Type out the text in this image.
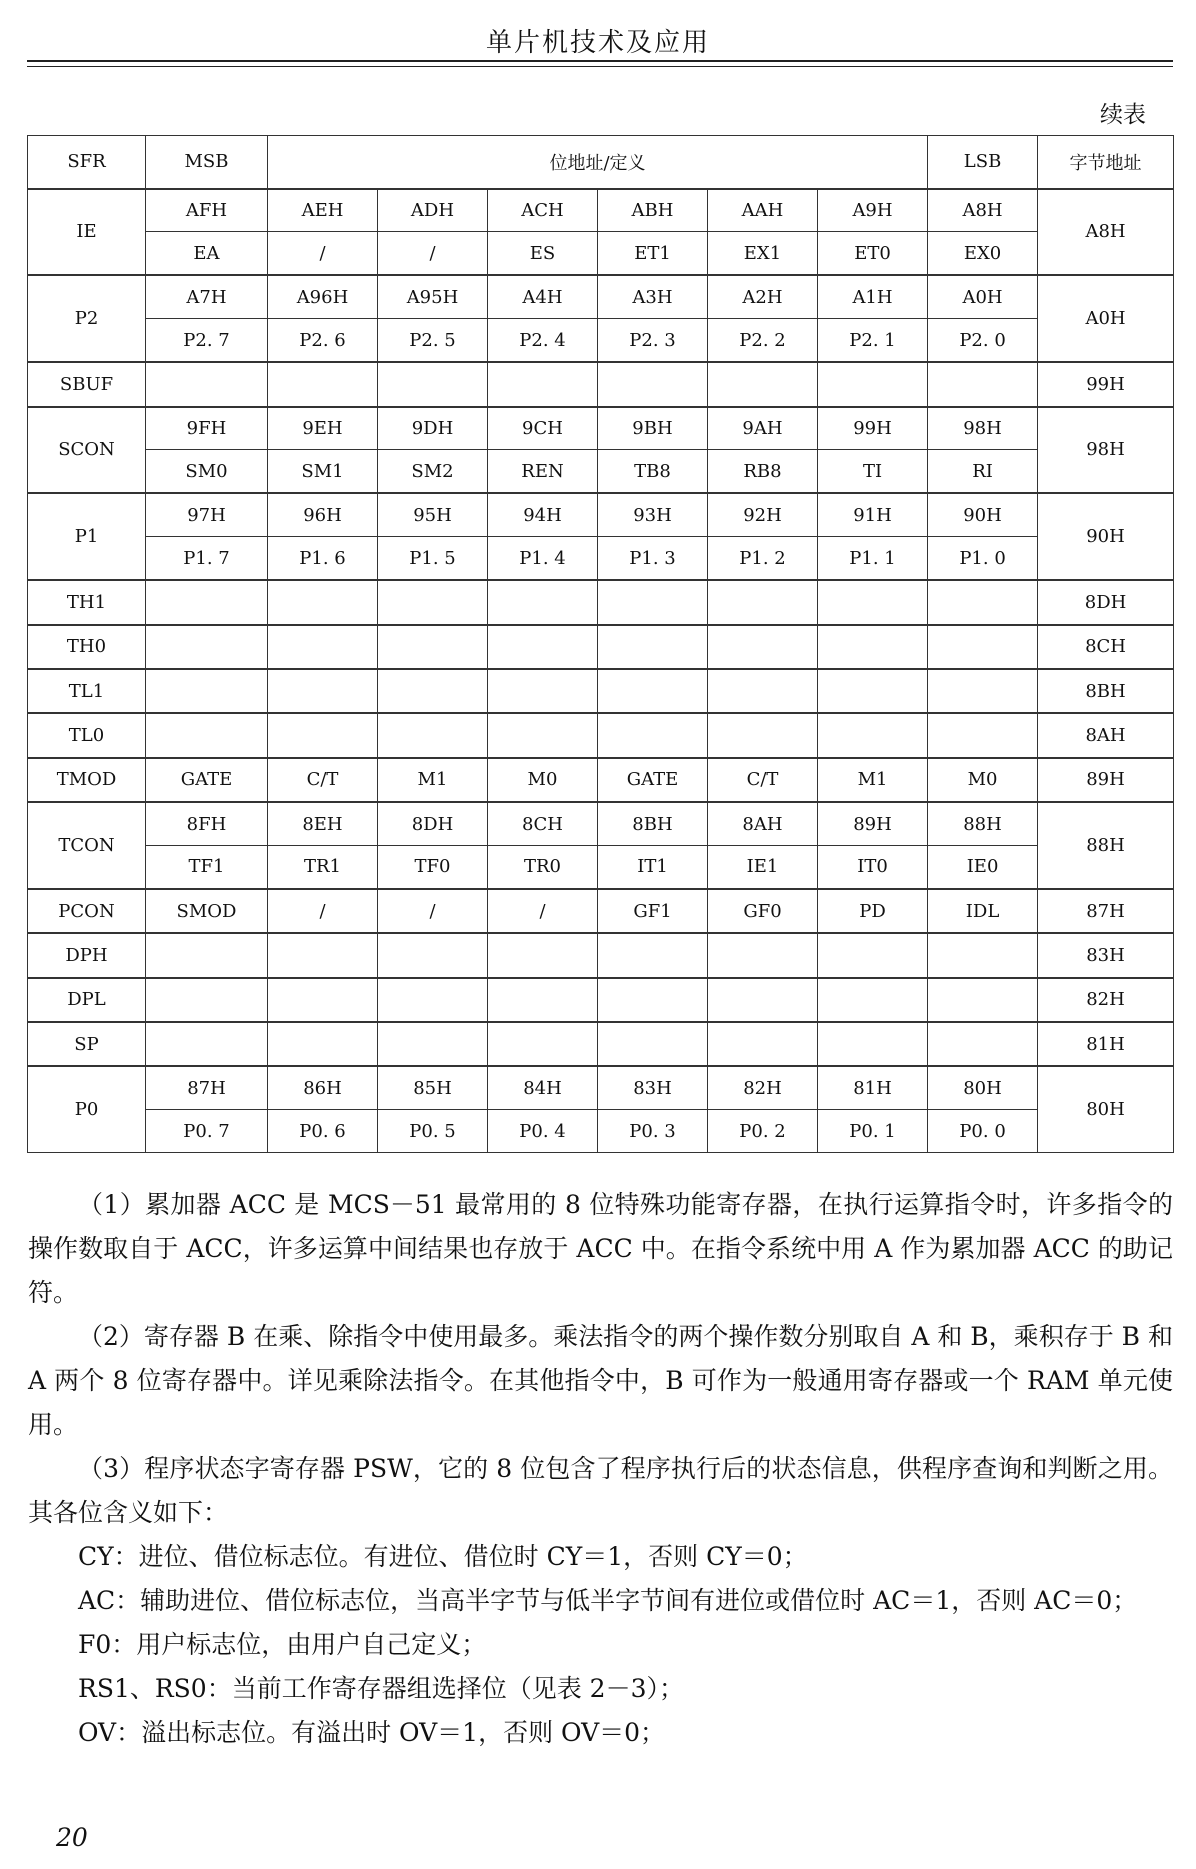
单片机技术及应用
续表
SFR	MSB	位地址/定义						LSB	字节地址
IE	AFH	AEH	ADH	ACH	ABH	AAH	A9H	A8H	A8H
	EA	/	/	ES	ET1	EX1	ET0	EX0	
P2	A7H	A96H	A95H	A4H	A3H	A2H	A1H	A0H	A0H
	P2. 7	P2. 6	P2. 5	P2. 4	P2. 3	P2. 2	P2. 1	P2. 0	
SBUF									99H
SCON	9FH	9EH	9DH	9CH	9BH	9AH	99H	98H	98H
	SM0	SM1	SM2	REN	TB8	RB8	TI	RI	
P1	97H	96H	95H	94H	93H	92H	91H	90H	90H
	P1. 7	P1. 6	P1. 5	P1. 4	P1. 3	P1. 2	P1. 1	P1. 0	
TH1									8DH
TH0									8CH
TL1									8BH
TL0									8AH
TMOD	GATE	C/T	M1	M0	GATE	C/T	M1	M0	89H
TCON	8FH	8EH	8DH	8CH	8BH	8AH	89H	88H	88H
	TF1	TR1	TF0	TR0	IT1	IE1	IT0	IE0	
PCON	SMOD	/	/	/	GF1	GF0	PD	IDL	87H
DPH									83H
DPL									82H
SP									81H
P0	87H	86H	85H	84H	83H	82H	81H	80H	80H
	P0. 7	P0. 6	P0. 5	P0. 4	P0. 3	P0. 2	P0. 1	P0. 0	

（1）累加器 ACC 是 MCS－51 最常用的 8 位特殊功能寄存器，在执行运算指令时，许多指令的操作数取自于 ACC，许多运算中间结果也存放于 ACC 中。在指令系统中用 A 作为累加器 ACC 的助记符。

（2）寄存器 B 在乘、除指令中使用最多。乘法指令的两个操作数分别取自 A 和 B，乘积存于 B 和 A 两个 8 位寄存器中。详见乘除法指令。在其他指令中，B 可作为一般通用寄存器或一个 RAM 单元使用。

（3）程序状态字寄存器 PSW，它的 8 位包含了程序执行后的状态信息，供程序查询和判断之用。其各位含义如下：

CY：进位、借位标志位。有进位、借位时 CY＝1，否则 CY＝0；

AC：辅助进位、借位标志位，当高半字节与低半字节间有进位或借位时 AC＝1，否则 AC＝0；

F0：用户标志位，由用户自己定义；

RS1、RS0：当前工作寄存器组选择位（见表 2－3）；

OV：溢出标志位。有溢出时 OV＝1，否则 OV＝0；

20
